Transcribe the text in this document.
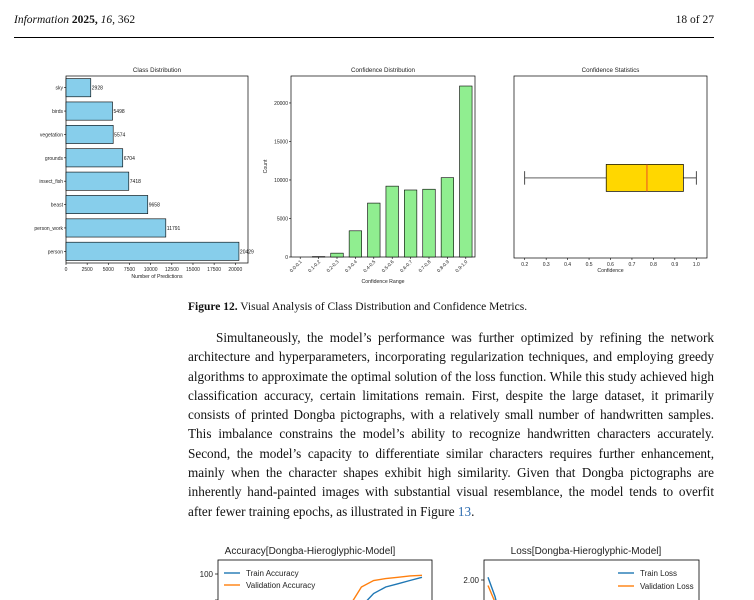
Information 2025, 16, 362	18 of 27
Class Distribution
20429
person
11791
person_work
9658
beast
7418
insect_fish
6704
grounds
5574
vegetation
5498
birds
2928
sky
0	2500 5000 7500 10000 12500 15000 17500 20000
Number of Predictions
Confidence Distribution
0.0-0.1 0.1-0.2 0.2-0.3 0.3-0.4 0.4-0.5 0.5-0.6 0.6-0.7 0.7-0.8 0.8-0.9 0.9-1.0
0
5000
10000
15000
20000
Count
Confidence Range
Confidence Statistics
0.2	0.3	0.4	0.5	0.6	0.7	0.8	0.9	1.0
Confidence
Figure 12. Visual Analysis of Class Distribution and Confidence Metrics.

Simultaneously, the model’s performance was further optimized by refining the network architecture and hyperparameters, incorporating regularization techniques, and employing greedy algorithms to approximate the optimal solution of the loss function. While this study achieved high classification accuracy, certain limitations remain. First, despite the large dataset, it primarily consists of printed Dongba pictographs, with a relatively small number of handwritten samples. This imbalance constrains the model’s ability to recognize handwritten characters accurately. Second, the model’s capacity to differentiate similar characters requires further enhancement, mainly when the character shapes exhibit high similarity. Given that Dongba pictographs are inherently hand-painted images with substantial visual resemblance, the model tends to overfit after fewer training epochs, as illustrated in Figure 13.

Accuracy[Dongba-Hieroglyphic-Model]
100	Train Accuracy
Validation Accuracy
Loss[Dongba-Hieroglyphic-Model]
2.00
Train Loss
Validation Loss
